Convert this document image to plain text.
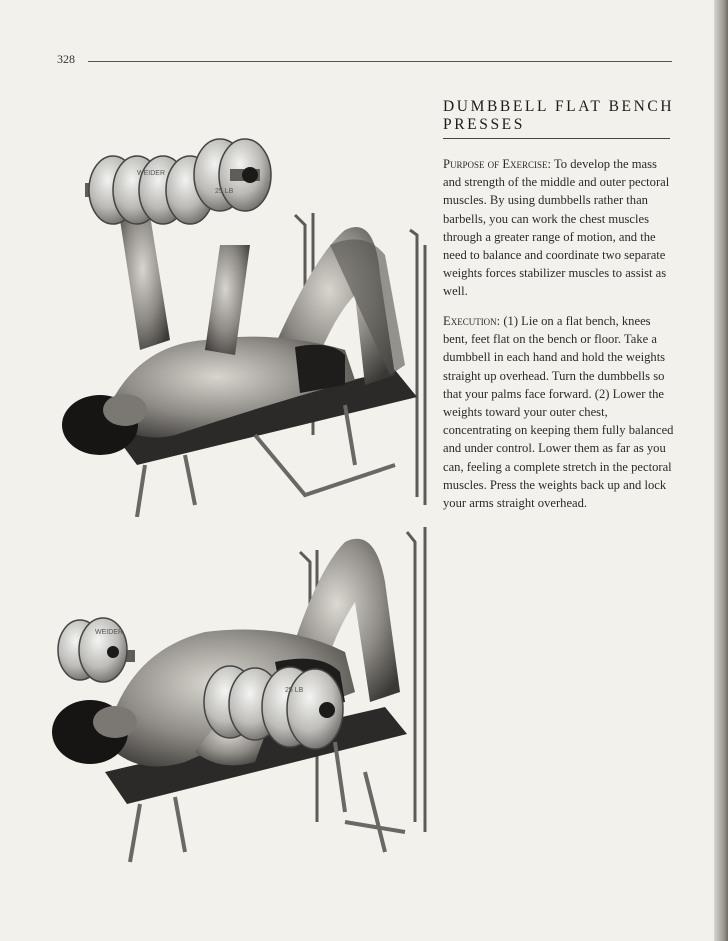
328
DUMBBELL FLAT BENCH PRESSES
Purpose of Exercise: To develop the mass and strength of the middle and outer pectoral muscles. By using dumbbells rather than barbells, you can work the chest muscles through a greater range of motion, and the need to balance and coordinate two separate weights forces stabilizer muscles to assist as well.
Execution: (1) Lie on a flat bench, knees bent, feet flat on the bench or floor. Take a dumbbell in each hand and hold the weights straight up overhead. Turn the dumbbells so that your palms face forward. (2) Lower the weights toward your outer chest, concentrating on keeping them fully balanced and under control. Lower them as far as you can, feeling a complete stretch in the pectoral muscles. Press the weights back up and lock your arms straight overhead.
WEIDER
25 LB
WEIDER
25 LB
